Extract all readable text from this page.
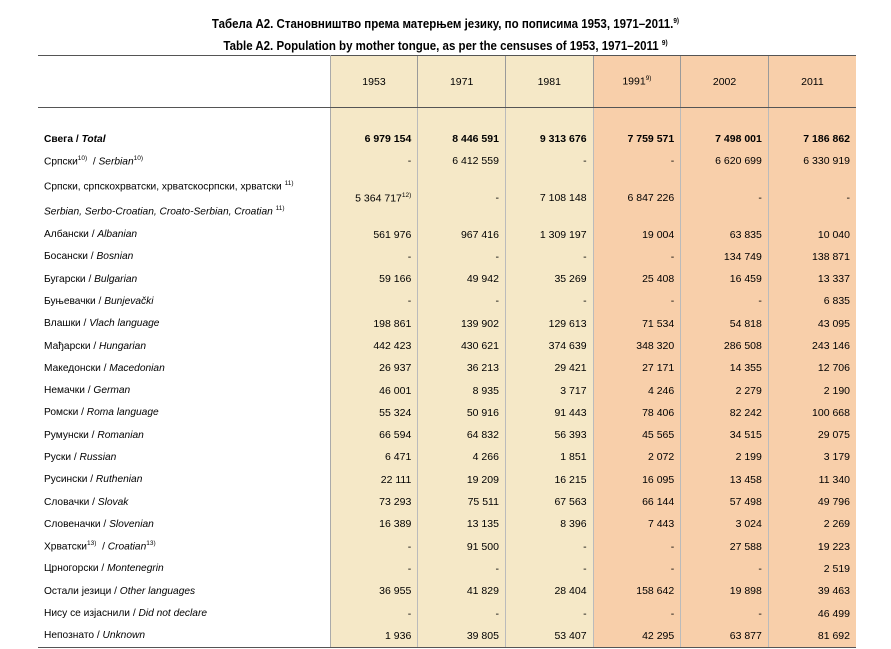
Табела А2. Становништво према матерњем језику, по пописима 1953, 1971–2011.$^{9)}$
Table A2. Population by mother tongue, as per the censuses of 1953, 1971–2011 $^{9)}$
	1953	1971	1981	1991$^{9)}$	2002	2011

Свега / Total	6 979 154	8 446 591	9 313 676	7 759 571	7 498 001	7 186 862
Српски$^{10)}$  / Serbian$^{10)}$	-	6 412 559	-	-	6 620 699	6 330 919

Српски, српскохрватски, хрватскосрпски, хрватски $^{11)}$
Serbian, Serbo-Croatian, Croato-Serbian, Croatian $^{11)}$	5 364 717$^{12)}$	-	7 108 148	6 847 226	-	-
Албански / Albanian	561 976	967 416	1 309 197	19 004	63 835	10 040
Босански / Bosnian	-	-	-	-	134 749	138 871
Бугарски / Bulgarian	59 166	49 942	35 269	25 408	16 459	13 337
Буњевачки / Bunjevački	-	-	-	-	-	6 835
Влашки / Vlach language	198 861	139 902	129 613	71 534	54 818	43 095
Мађарски / Hungarian	442 423	430 621	374 639	348 320	286 508	243 146
Македонски / Macedonian	26 937	36 213	29 421	27 171	14 355	12 706
Немачки / German	46 001	8 935	3 717	4 246	2 279	2 190
Ромски / Roma language	55 324	50 916	91 443	78 406	82 242	100 668
Румунски / Romanian	66 594	64 832	56 393	45 565	34 515	29 075
Руски / Russian	6 471	4 266	1 851	2 072	2 199	3 179
Русински / Ruthenian	22 111	19 209	16 215	16 095	13 458	11 340
Словачки / Slovak	73 293	75 511	67 563	66 144	57 498	49 796
Словеначки / Slovenian	16 389	13 135	8 396	7 443	3 024	2 269
Хрватски$^{13)}$  / Croatian$^{13)}$	-	91 500	-	-	27 588	19 223
Црногорски / Montenegrin	-	-	-	-	-	2 519
Остали језици / Other languages	36 955	41 829	28 404	158 642	19 898	39 463
Нису се изјаснили / Did not declare	-	-	-	-	-	46 499
Непознато / Unknown	1 936	39 805	53 407	42 295	63 877	81 692
